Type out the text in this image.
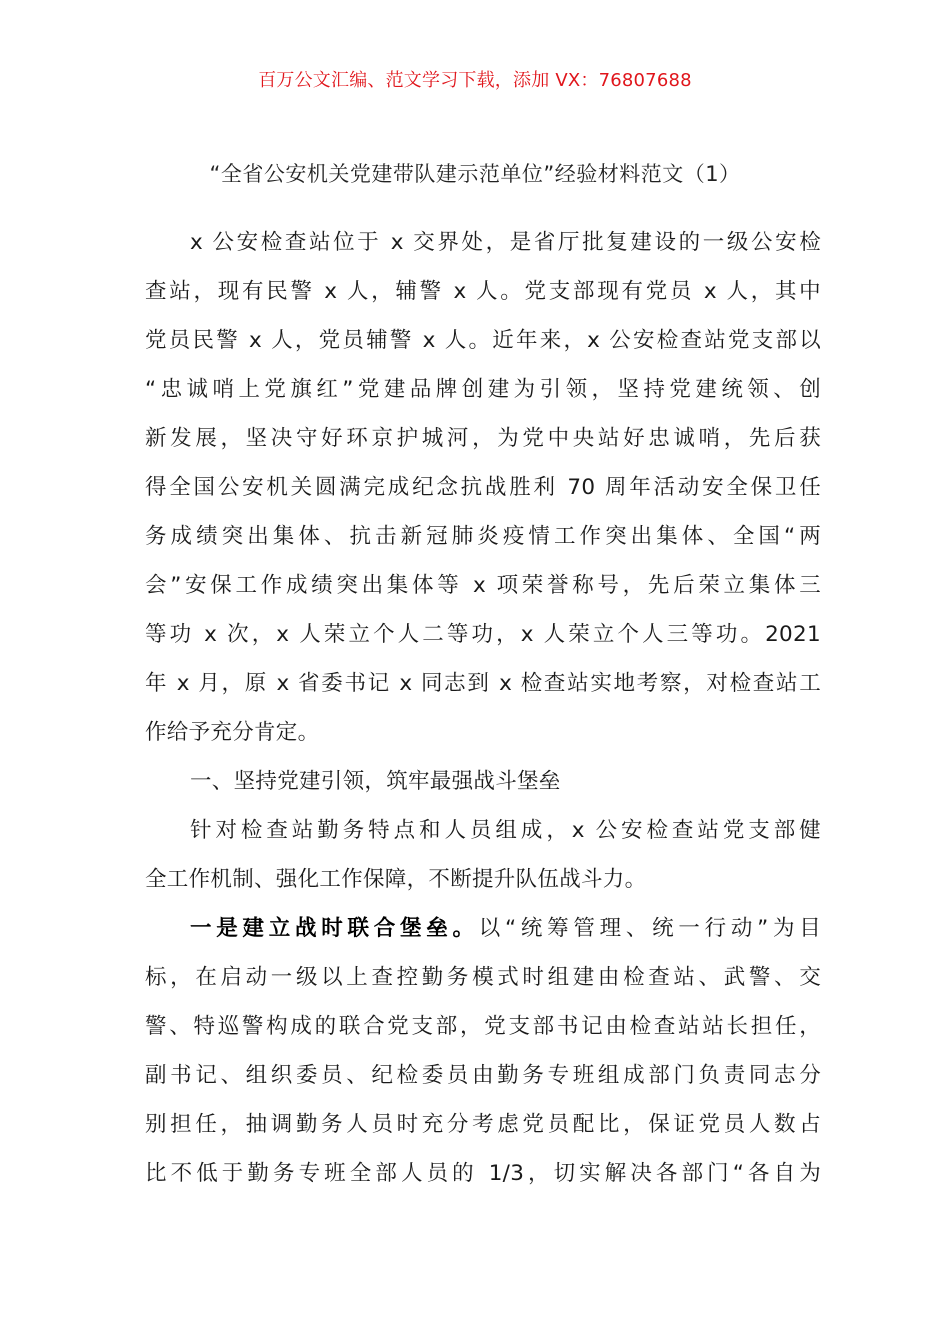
百万公文汇编、范文学习下载，添加 VX：76807688
“全省公安机关党建带队建示范单位”经验材料范文（1）
x 公安检查站位于 x 交界处，是省厅批复建设的一级公安检
查站，现有民警 x 人，辅警 x 人。党支部现有党员 x 人，其中
党员民警 x 人，党员辅警 x 人。近年来，x 公安检查站党支部以
“忠诚哨上党旗红”党建品牌创建为引领，坚持党建统领、创
新发展，坚决守好环京护城河，为党中央站好忠诚哨，先后获
得全国公安机关圆满完成纪念抗战胜利 70 周年活动安全保卫任
务成绩突出集体、抗击新冠肺炎疫情工作突出集体、全国“两
会”安保工作成绩突出集体等 x 项荣誉称号，先后荣立集体三
等功 x 次，x 人荣立个人二等功，x 人荣立个人三等功。2021
年 x 月，原 x 省委书记 x 同志到 x 检查站实地考察，对检查站工
作给予充分肯定。
一、坚持党建引领，筑牢最强战斗堡垒
针对检查站勤务特点和人员组成，x 公安检查站党支部健
全工作机制、强化工作保障，不断提升队伍战斗力。
一是建立战时联合堡垒。以“统筹管理、统一行动”为目
标，在启动一级以上查控勤务模式时组建由检查站、武警、交
警、特巡警构成的联合党支部，党支部书记由检查站站长担任，
副书记、组织委员、纪检委员由勤务专班组成部门负责同志分
别担任，抽调勤务人员时充分考虑党员配比，保证党员人数占
比不低于勤务专班全部人员的 1/3，切实解决各部门“各自为
